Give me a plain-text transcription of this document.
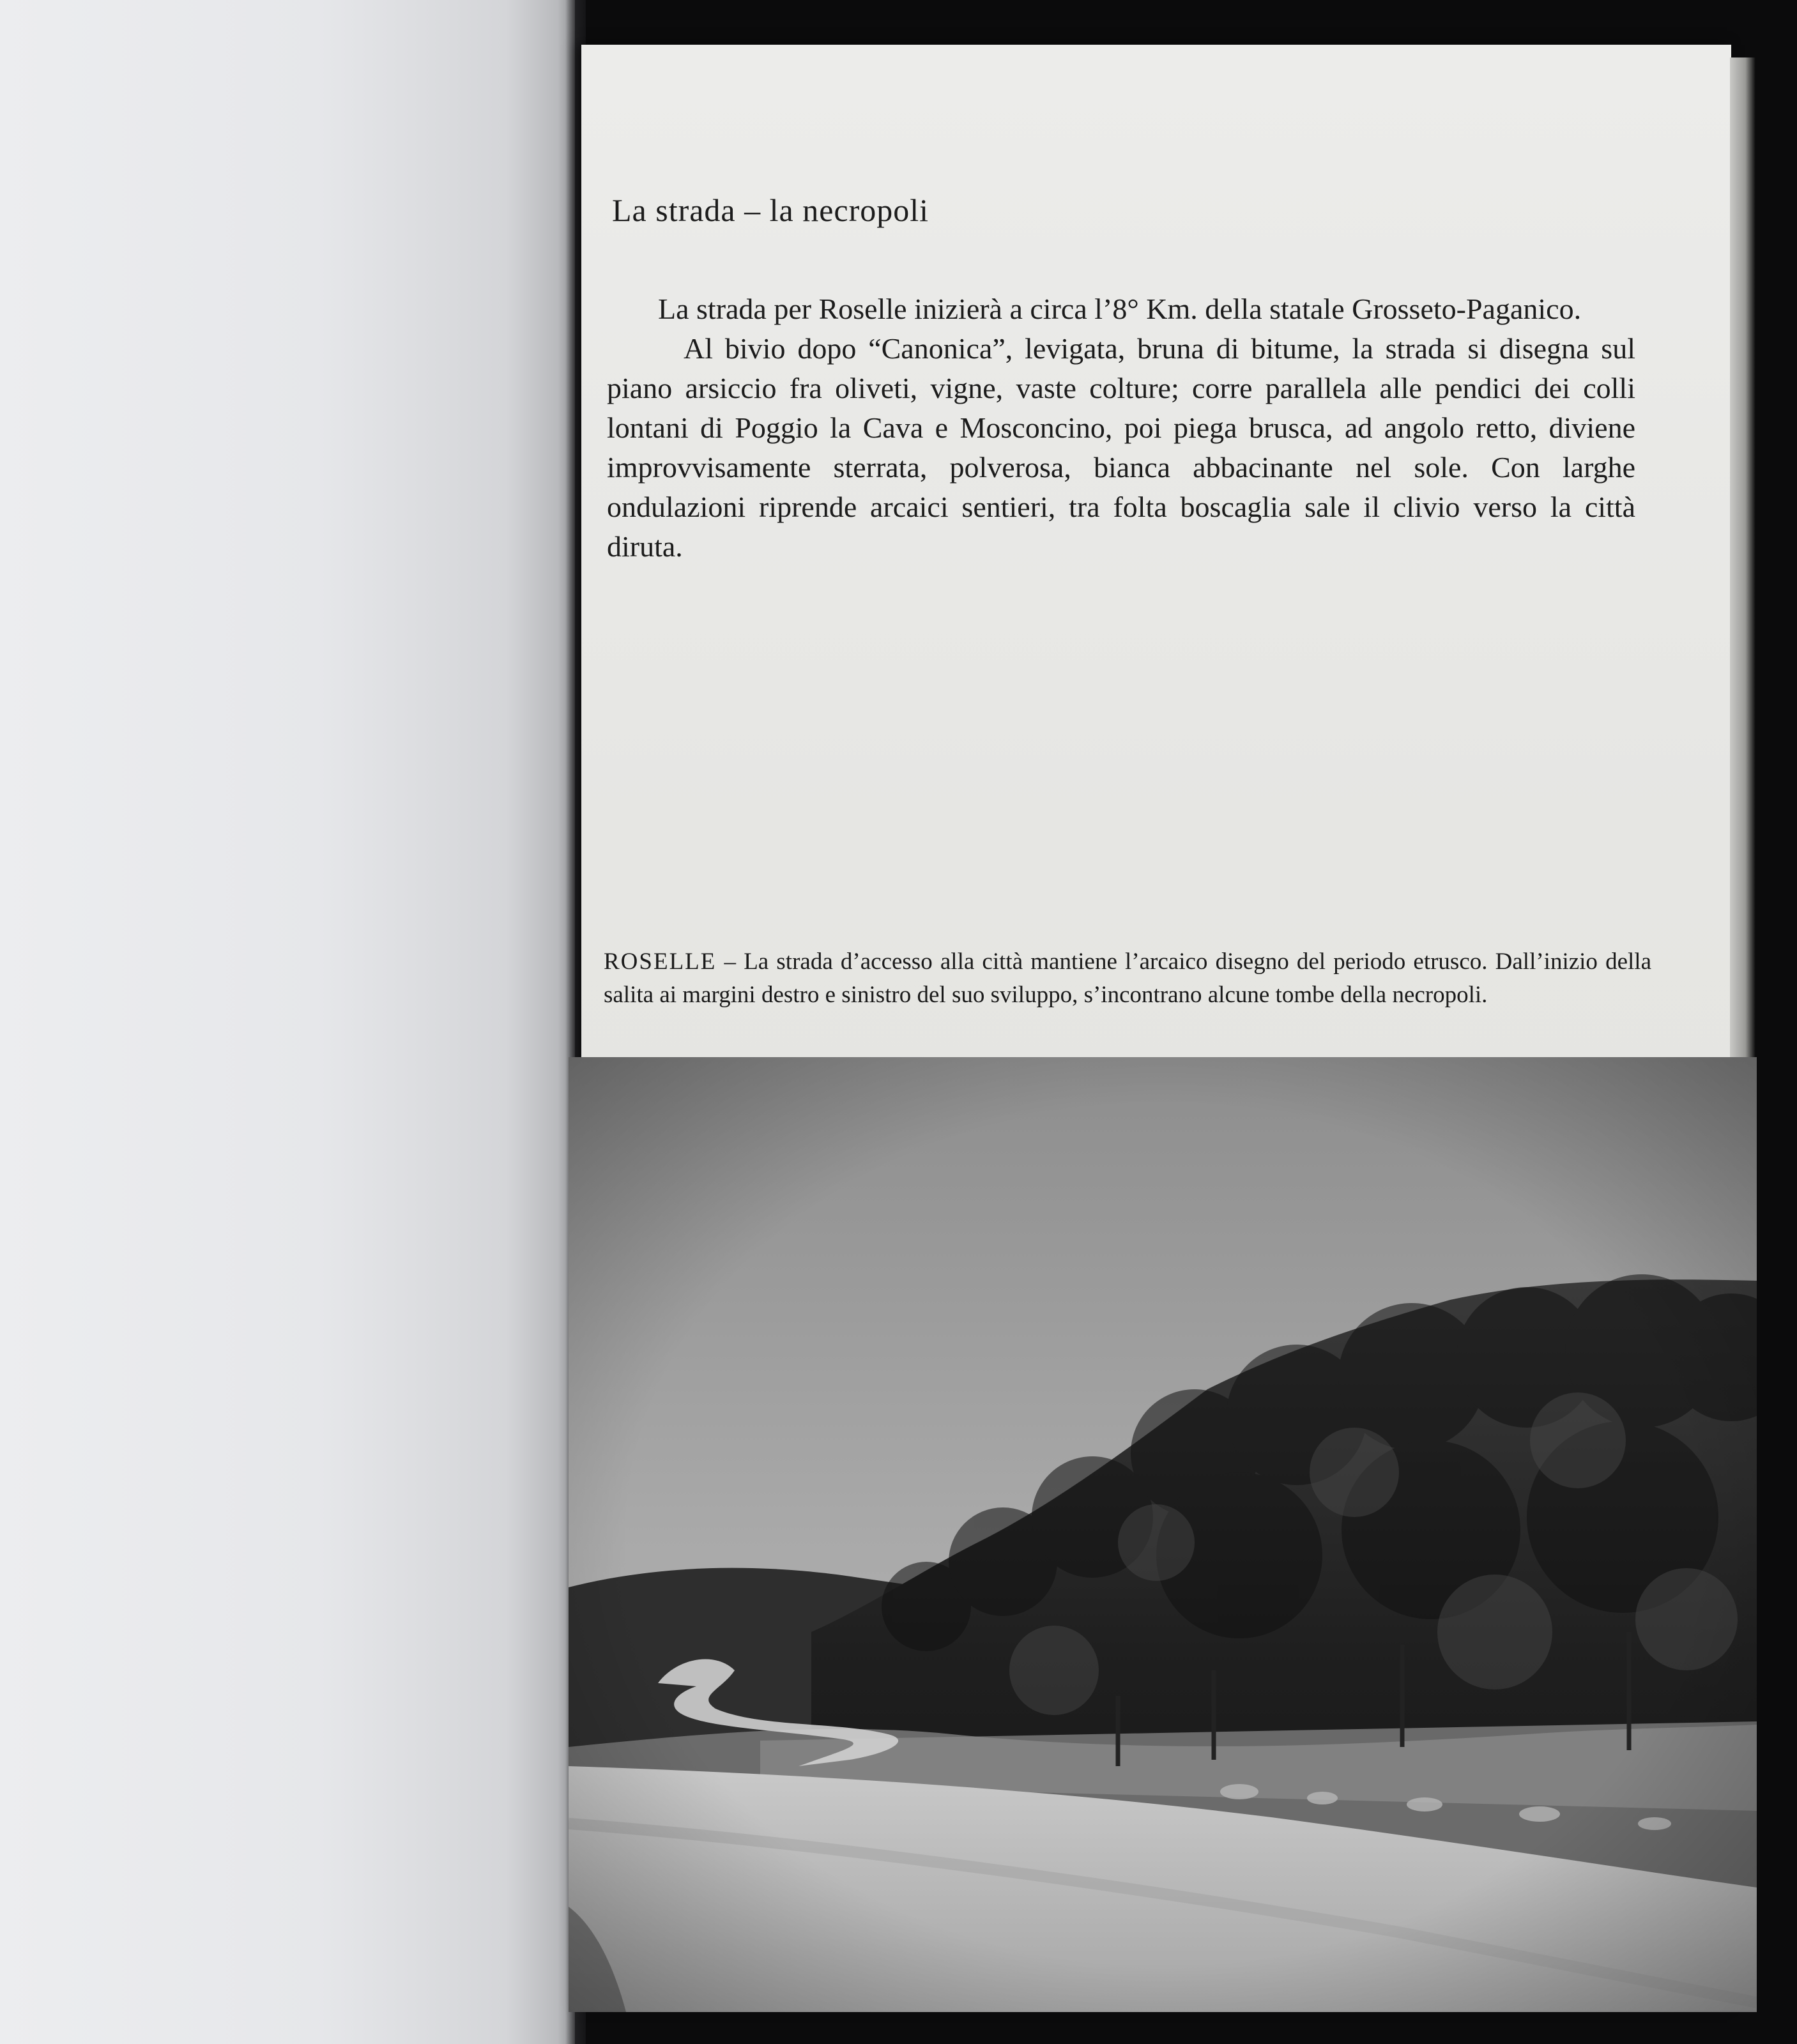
La strada – la necropoli

La strada per Roselle inizierà a circa l’8° Km. della statale Grosseto-Paganico.

Al bivio dopo “Canonica”, levigata, bruna di bitume, la strada si disegna sul piano arsiccio fra oliveti, vigne, vaste colture; corre parallela alle pendici dei colli lontani di Poggio la Cava e Mosconcino, poi piega brusca, ad angolo retto, diviene improvvisamente sterrata, polverosa, bianca abbacinante nel sole. Con larghe ondulazioni riprende arcaici sentieri, tra folta boscaglia sale il clivio verso la città diruta.

ROSELLE – La strada d’accesso alla città mantiene l’arcaico disegno del periodo etrusco. Dall’inizio della salita ai margini destro e sinistro del suo sviluppo, s’incontrano alcune tombe della necropoli.
